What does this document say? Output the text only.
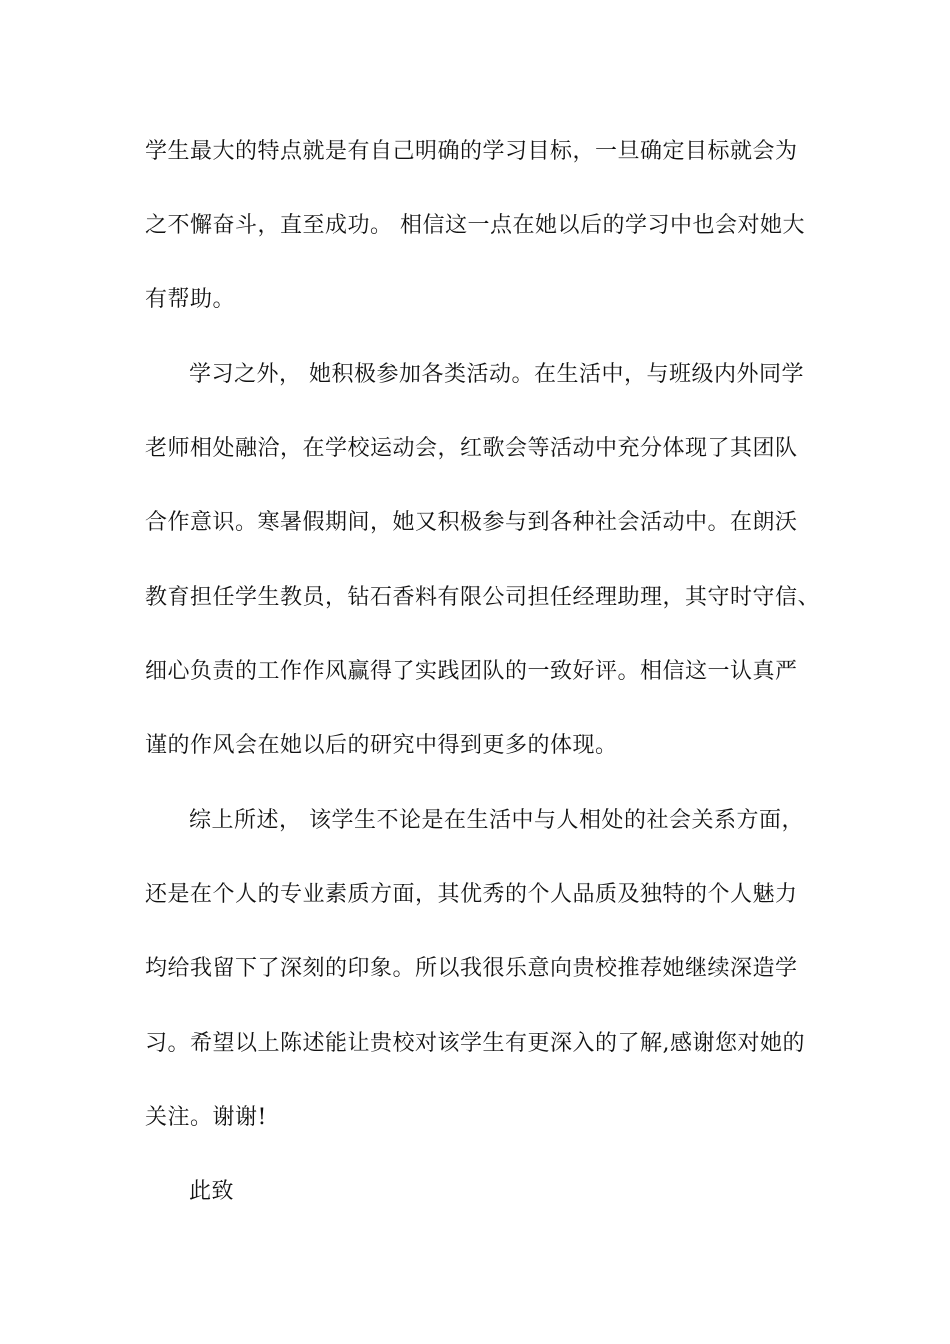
学生最大的特点就是有自己明确的学习目标，一旦确定目标就会为
之不懈奋斗，直至成功。 相信这一点在她以后的学习中也会对她大
有帮助。
学习之外， 她积极参加各类活动。在生活中，与班级内外同学
老师相处融洽，在学校运动会，红歌会等活动中充分体现了其团队
合作意识。寒暑假期间，她又积极参与到各种社会活动中。在朗沃
教育担任学生教员，钻石香料有限公司担任经理助理，其守时守信、
细心负责的工作作风赢得了实践团队的一致好评。相信这一认真严
谨的作风会在她以后的研究中得到更多的体现。
综上所述， 该学生不论是在生活中与人相处的社会关系方面，
还是在个人的专业素质方面，其优秀的个人品质及独特的个人魅力
均给我留下了深刻的印象。所以我很乐意向贵校推荐她继续深造学
习。希望以上陈述能让贵校对该学生有更深入的了解,感谢您对她的
关注。谢谢!
此致
